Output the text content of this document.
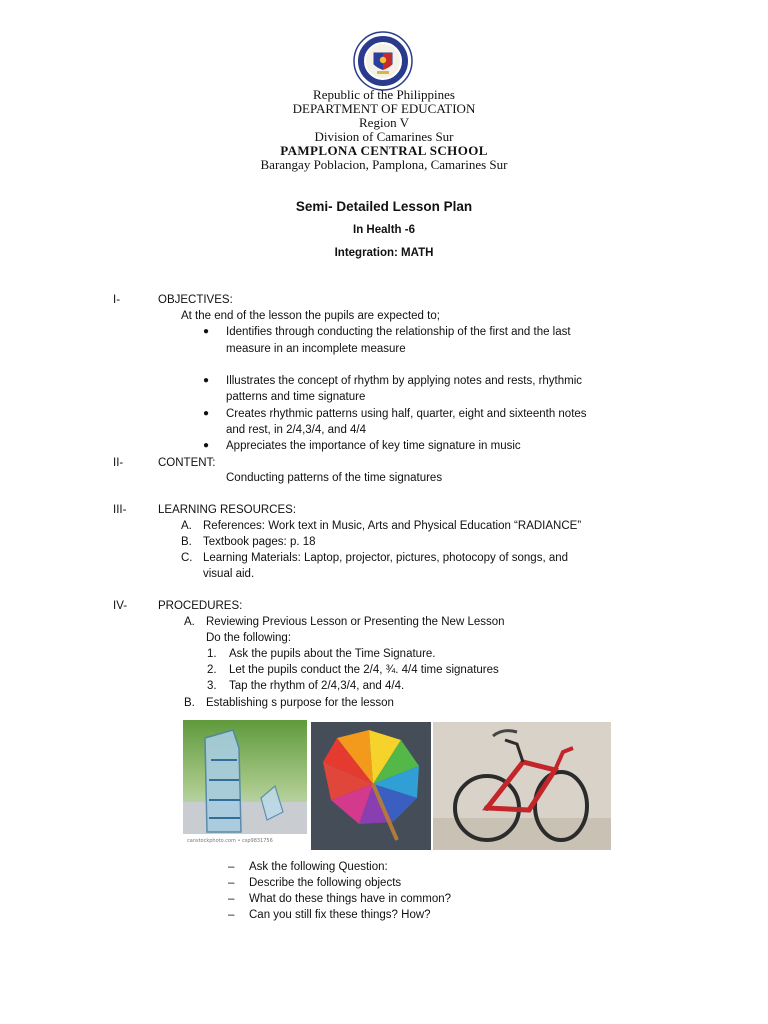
Republic of the Philippines
DEPARTMENT OF EDUCATION
Region V
Division of Camarines Sur
PAMPLONA CENTRAL SCHOOL
Barangay Poblacion, Pamplona, Camarines Sur
Semi- Detailed Lesson Plan
In Health -6
Integration: MATH
I-	OBJECTIVES:
At the end of the lesson the pupils are expected to;
● Identifies through conducting the relationship of the first and the last
measure in an incomplete measure
● Illustrates the concept of rhythm by applying notes and rests, rhythmic
patterns and time signature
● Creates rhythmic patterns using half, quarter, eight and sixteenth notes
and rest, in 2/4,3/4, and 4/4
● Appreciates the importance of key time signature in music
II-	CONTENT:
Conducting patterns of the time signatures
III-	LEARNING RESOURCES:
A. References: Work text in Music, Arts and Physical Education “RADIANCE”
B. Textbook pages: p. 18
C. Learning Materials: Laptop, projector, pictures, photocopy of songs, and
visual aid.
IV-	PROCEDURES:
A. Reviewing Previous Lesson or Presenting the New Lesson
Do the following:
1. Ask the pupils about the Time Signature.
2. Let the pupils conduct the 2/4, ¾. 4/4 time signatures
3. Tap the rhythm of 2/4,3/4, and 4/4.
B. Establishing s purpose for the lesson
canstockphoto.com • csp9831756
– Ask the following Question:
– Describe the following objects
– What do these things have in common?
– Can you still fix these things? How?
